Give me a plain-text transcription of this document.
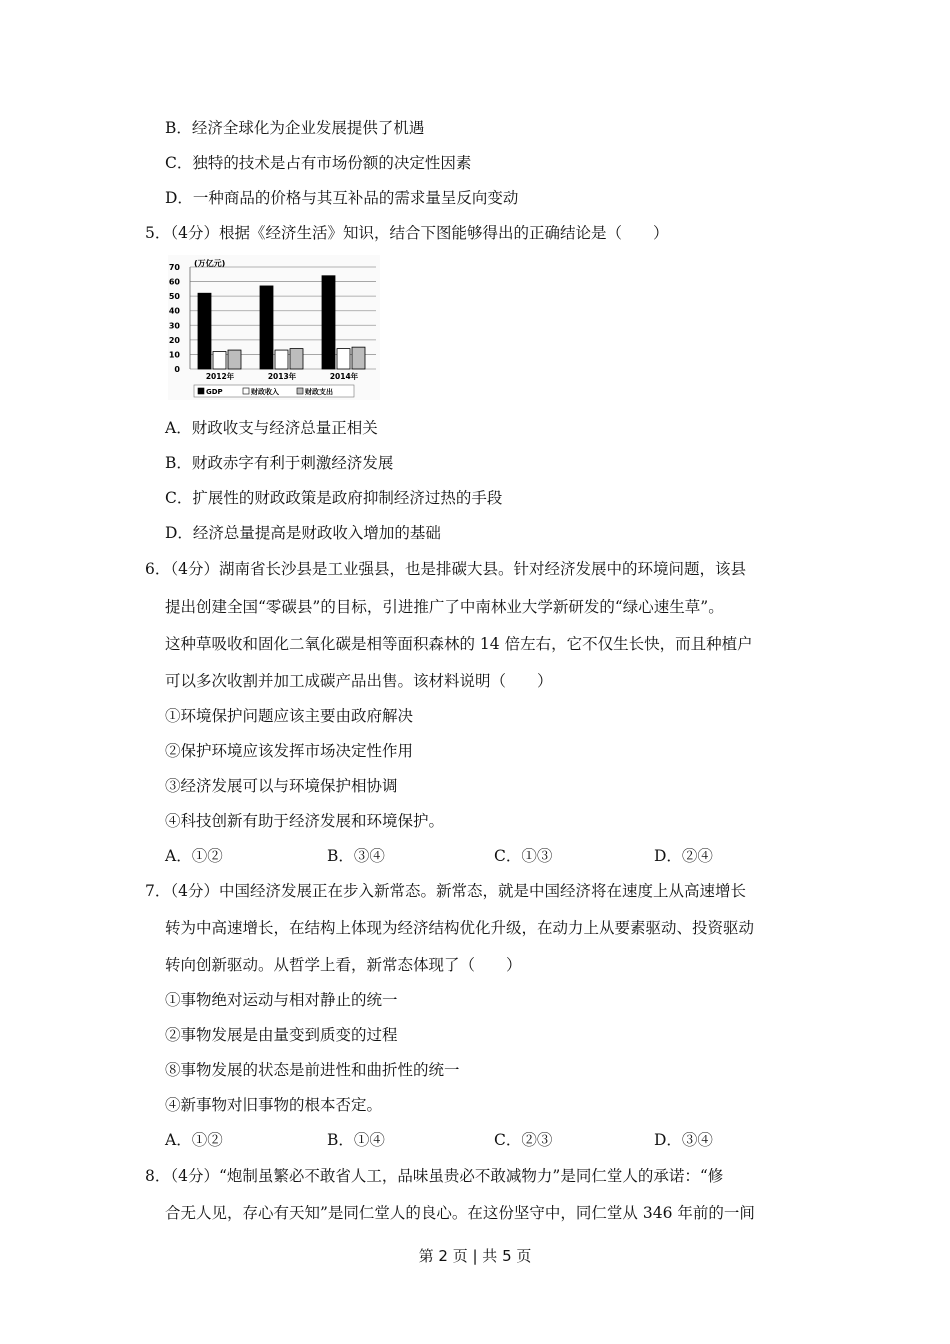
B．经济全球化为企业发展提供了机遇
C．独特的技术是占有市场份额的决定性因素
D．一种商品的价格与其互补品的需求量呈反向变动
5．（4分）根据《经济生活》知识，结合下图能够得出的正确结论是（　　）
0
10
20
30
40
50
60
70 (万亿元)
2012年	2013年	2014年
GDP	财政收入	财政支出
A．财政收支与经济总量正相关
B．财政赤字有利于刺激经济发展
C．扩展性的财政政策是政府抑制经济过热的手段
D．经济总量提高是财政收入增加的基础
6．（4分）湖南省长沙县是工业强县，也是排碳大县。针对经济发展中的环境问题，该县
提出创建全国“零碳县”的目标，引进推广了中南林业大学新研发的“绿心速生草”。
这种草吸收和固化二氧化碳是相等面积森林的 14 倍左右，它不仅生长快，而且种植户
可以多次收割并加工成碳产品出售。该材料说明（　　）
①环境保护问题应该主要由政府解决
②保护环境应该发挥市场决定性作用
③经济发展可以与环境保护相协调
④科技创新有助于经济发展和环境保护。
A．①②	B．③④	C．①③	D．②④
7．（4分）中国经济发展正在步入新常态。新常态，就是中国经济将在速度上从高速增长
转为中高速增长，在结构上体现为经济结构优化升级，在动力上从要素驱动、投资驱动
转向创新驱动。从哲学上看，新常态体现了（　　）
①事物绝对运动与相对静止的统一
②事物发展是由量变到质变的过程
⑧事物发展的状态是前进性和曲折性的统一
④新事物对旧事物的根本否定。
A．①②	B．①④	C．②③	D．③④
8．（4分）“炮制虽繁必不敢省人工，品味虽贵必不敢减物力”是同仁堂人的承诺：“修
合无人见，存心有天知”是同仁堂人的良心。在这份坚守中，同仁堂从 346 年前的一间
第 2 页 | 共 5 页
